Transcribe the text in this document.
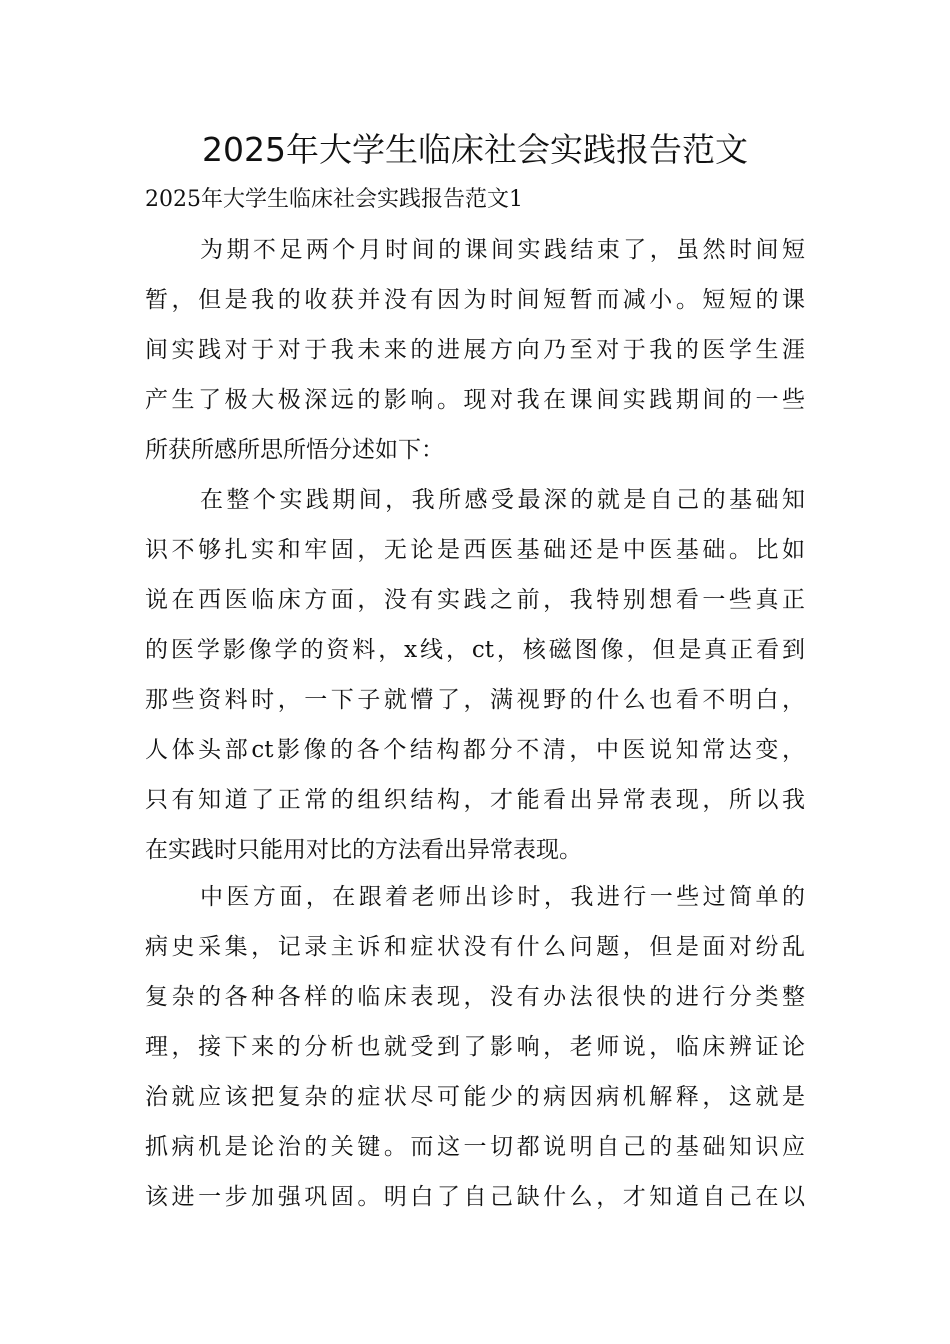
2025年大学生临床社会实践报告范文

2025年大学生临床社会实践报告范文1

为期不足两个月时间的课间实践结束了，虽然时间短

暂，但是我的收获并没有因为时间短暂而减小。短短的课

间实践对于对于我未来的进展方向乃至对于我的医学生涯

产生了极大极深远的影响。现对我在课间实践期间的一些

所获所感所思所悟分述如下：

在整个实践期间，我所感受最深的就是自己的基础知

识不够扎实和牢固，无论是西医基础还是中医基础。比如

说在西医临床方面，没有实践之前，我特别想看一些真正

的医学影像学的资料，x线，ct，核磁图像，但是真正看到

那些资料时，一下子就懵了，满视野的什么也看不明白，

人体头部ct影像的各个结构都分不清，中医说知常达变，

只有知道了正常的组织结构，才能看出异常表现，所以我

在实践时只能用对比的方法看出异常表现。

中医方面，在跟着老师出诊时，我进行一些过简单的

病史采集，记录主诉和症状没有什么问题，但是面对纷乱

复杂的各种各样的临床表现，没有办法很快的进行分类整

理，接下来的分析也就受到了影响，老师说，临床辨证论

治就应该把复杂的症状尽可能少的病因病机解释，这就是

抓病机是论治的关键。而这一切都说明自己的基础知识应

该进一步加强巩固。明白了自己缺什么，才知道自己在以
